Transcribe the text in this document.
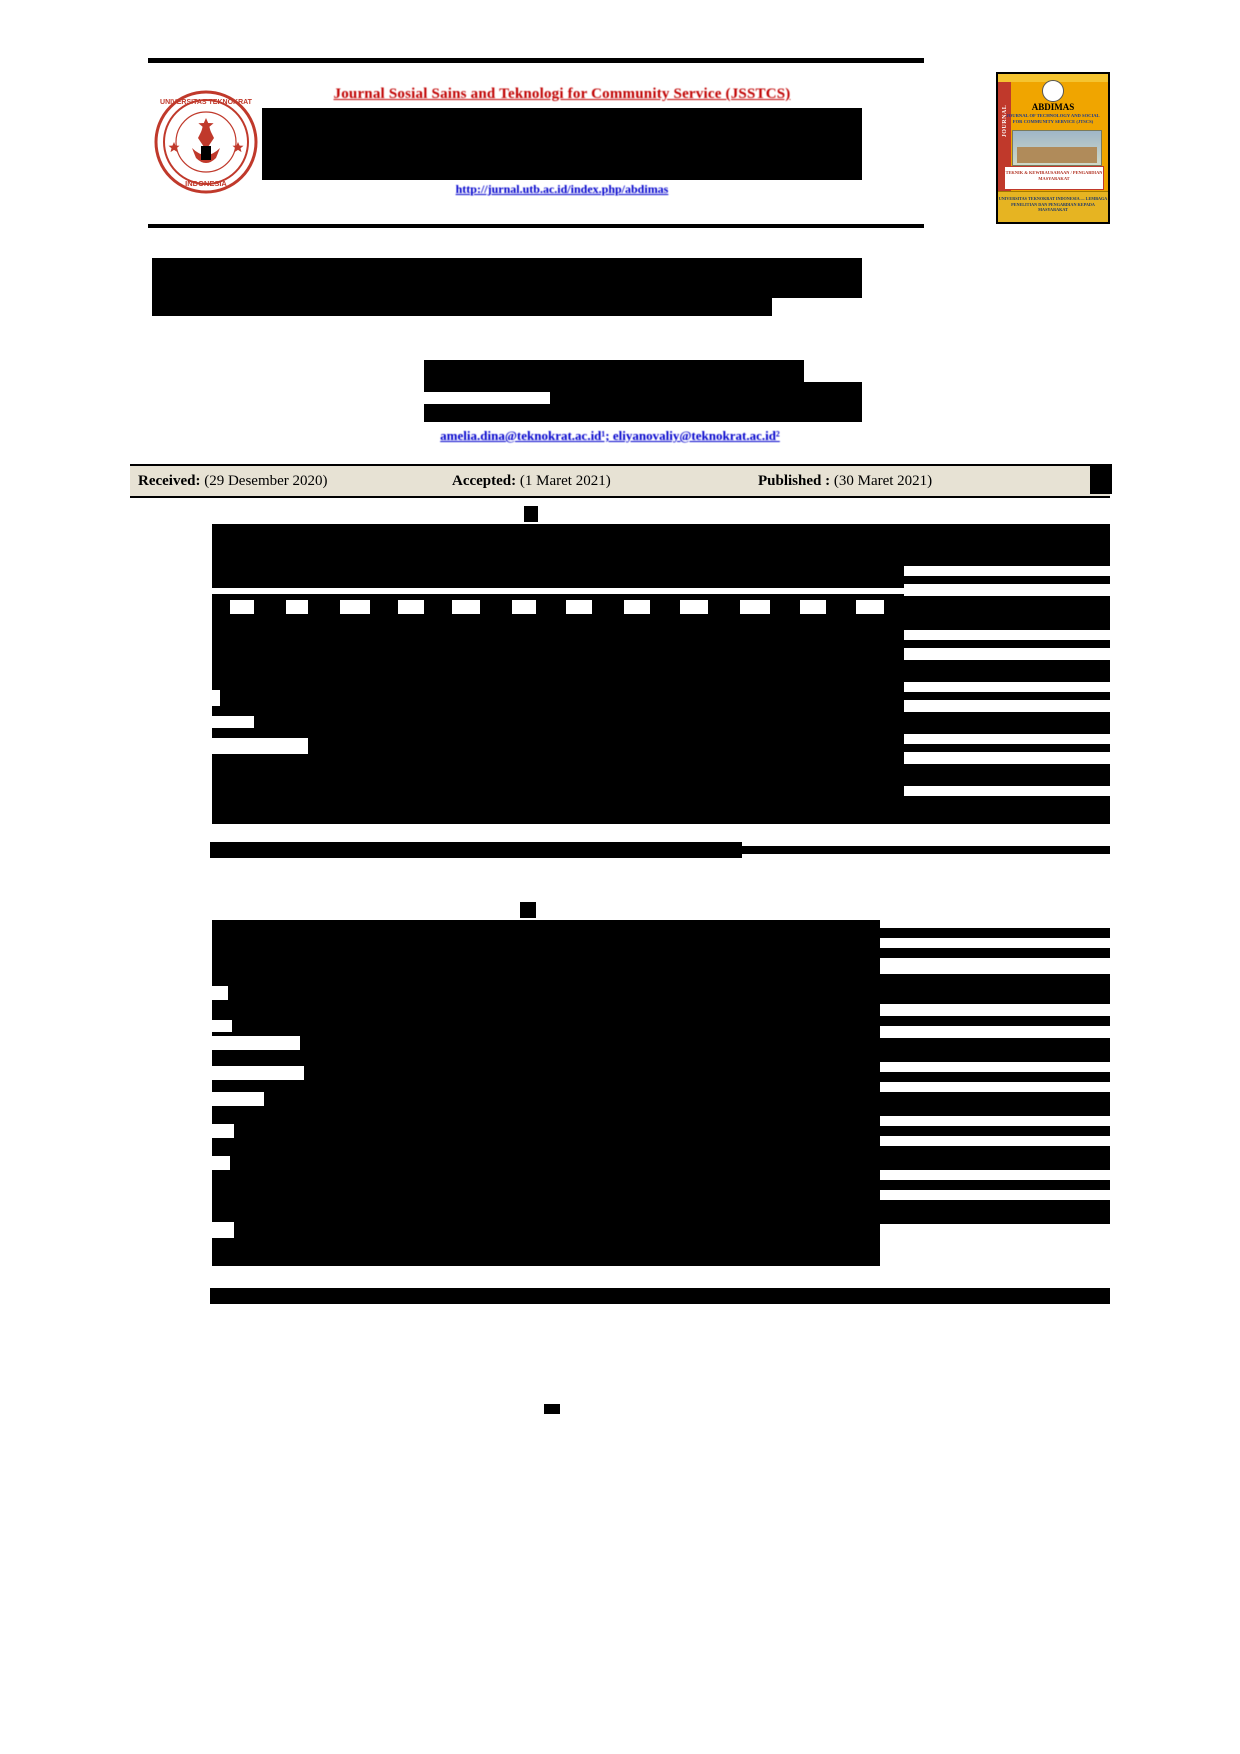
UNIVERSITAS TEKNOKRAT
INDONESIA
Journal Sosial Sains and Teknologi for Community Service (JSSTCS)
http://jurnal.utb.ac.id/index.php/abdimas
JOURNAL	ABDIMAS
JOURNAL OF TECHNOLOGY AND SOCIAL FOR COMMUNITY SERVICE (JTSCS)
TEKNIK & KEWIRAUSAHAAN / PENGABDIAN MASYARAKAT
UNIVERSITAS TEKNOKRAT INDONESIA — LEMBAGA PENELITIAN DAN PENGABDIAN KEPADA MASYARAKAT
amelia.dina@teknokrat.ac.id¹; eliyanovaliy@teknokrat.ac.id²
Received: (29 Desember 2020)	Accepted: (1 Maret 2021)	Published : (30 Maret 2021)
